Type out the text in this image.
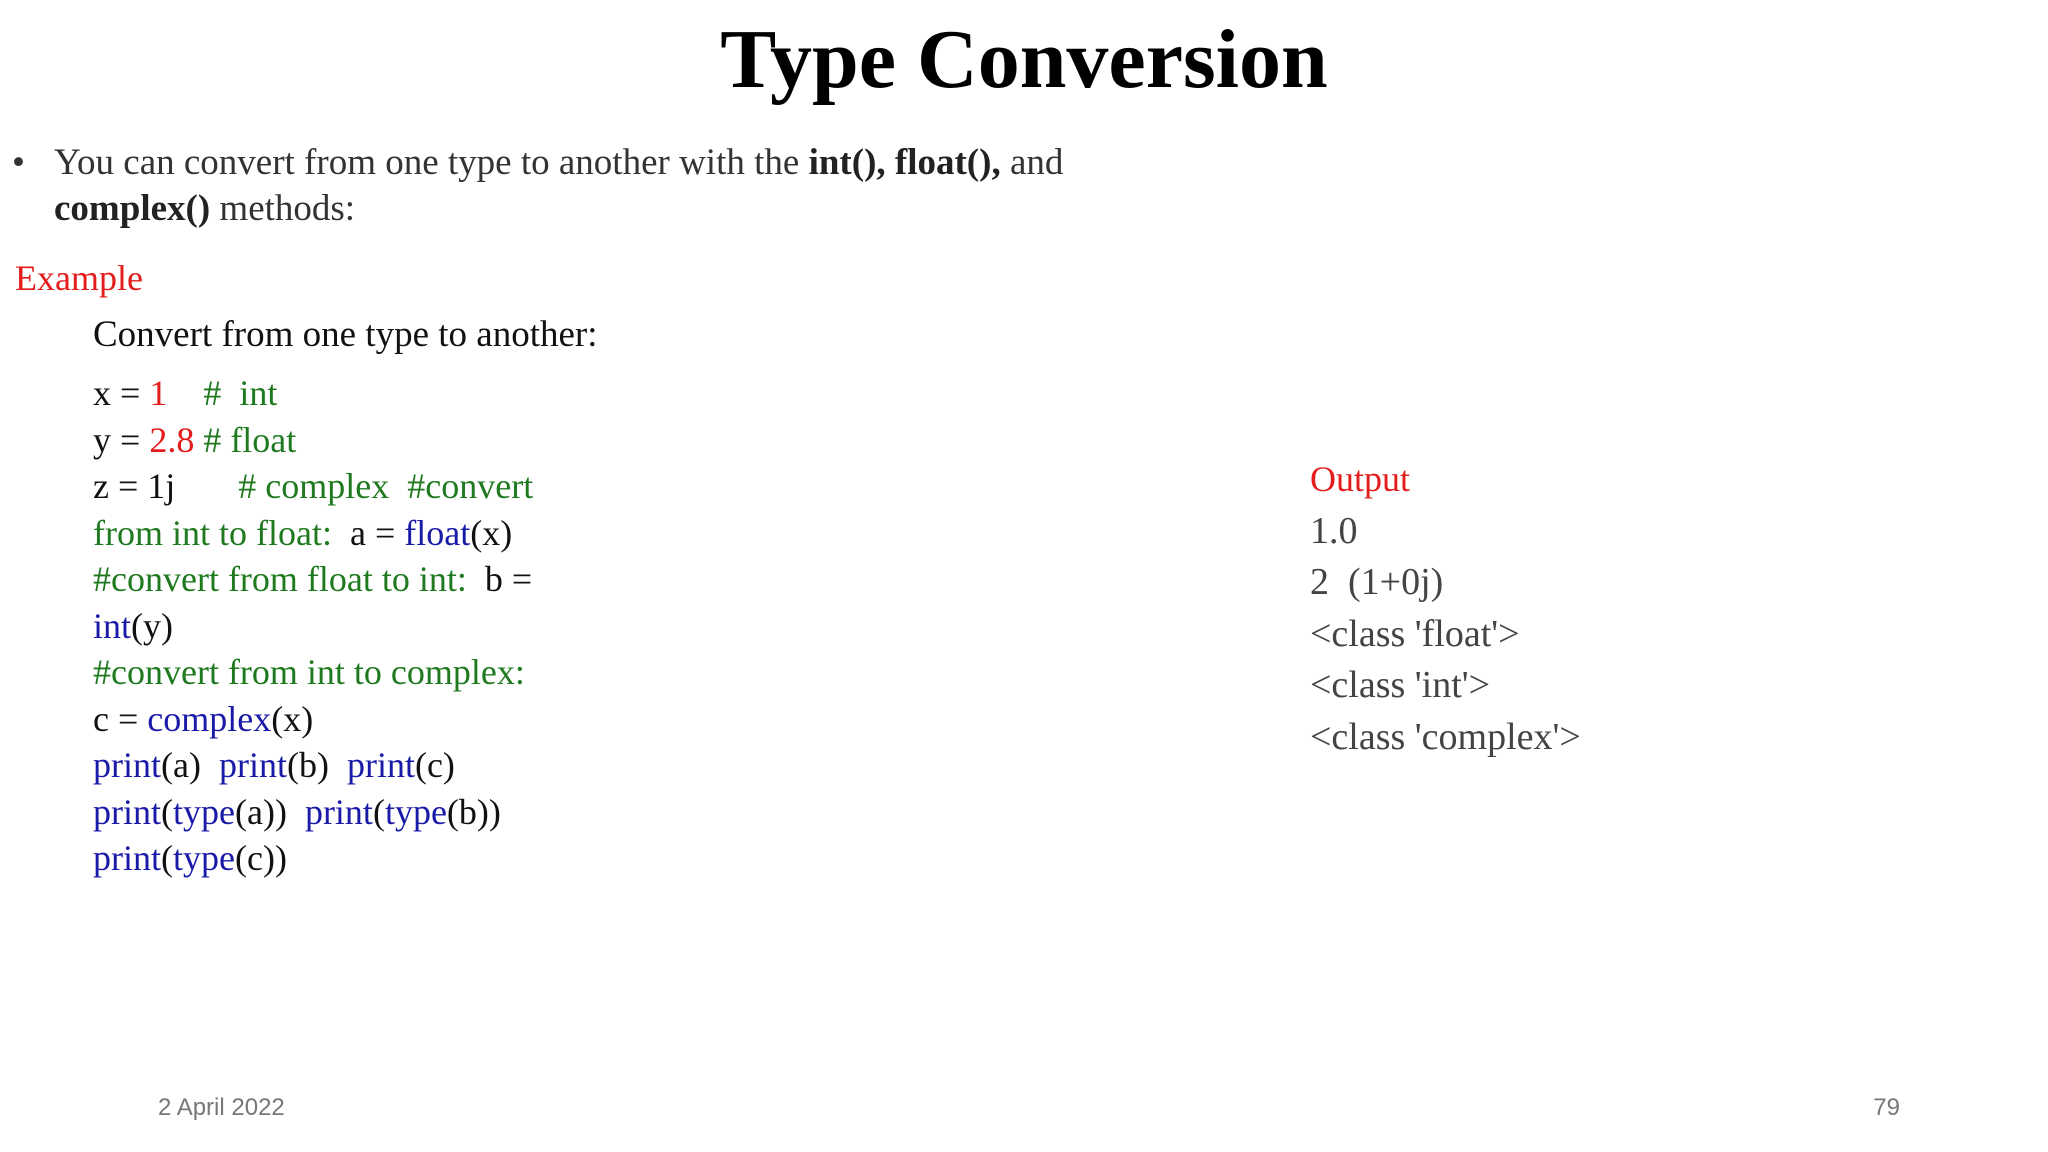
Type Conversion
• You can convert from one type to another with the int(), float(), and
complex() methods:
Example
Convert from one type to another:
x = 1    #  int
y = 2.8 # float
z = 1j       # complex  #convert
from int to float:  a = float(x)
#convert from float to int:  b =
int(y)
#convert from int to complex:
c = complex(x)
print(a)  print(b)  print(c)
print(type(a))  print(type(b))
print(type(c))
Output
1.0
2  (1+0j)
<class 'float'>
<class 'int'>
<class 'complex'>
2 April 2022	79
